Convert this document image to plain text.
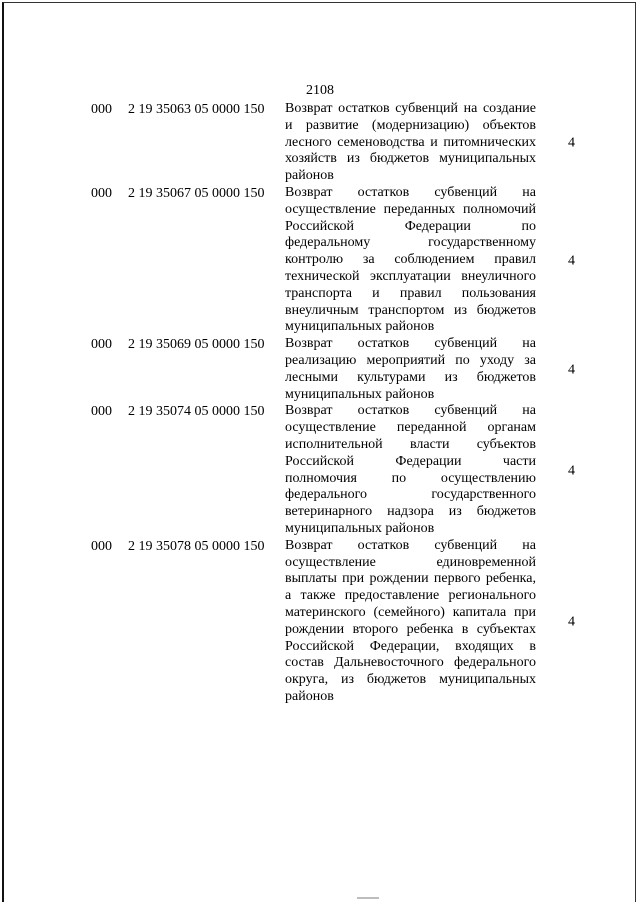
2108
000 2 19 35063 05 0000 150 Возврат остатков субвенций на создание
и развитие (модернизацию) объектов
лесного семеноводства и питомнических
хозяйств из бюджетов муниципальных
районов
4
000 2 19 35067 05 0000 150 Возврат остатков субвенций на
осуществление переданных полномочий
Российской Федерации по
федеральному государственному
контролю за соблюдением правил
технической эксплуатации внеуличного
транспорта и правил пользования
внеуличным транспортом из бюджетов
муниципальных районов
4
000 2 19 35069 05 0000 150 Возврат остатков субвенций на
реализацию мероприятий по уходу за
лесными культурами из бюджетов
муниципальных районов
4
000 2 19 35074 05 0000 150 Возврат остатков субвенций на
осуществление переданной органам
исполнительной власти субъектов
Российской Федерации части
полномочия по осуществлению
федерального государственного
ветеринарного надзора из бюджетов
муниципальных районов
4
000 2 19 35078 05 0000 150 Возврат остатков субвенций на
осуществление единовременной
выплаты при рождении первого ребенка,
а также предоставление регионального
материнского (семейного) капитала при
рождении второго ребенка в субъектах
Российской Федерации, входящих в
состав Дальневосточного федерального
округа, из бюджетов муниципальных
районов
4
